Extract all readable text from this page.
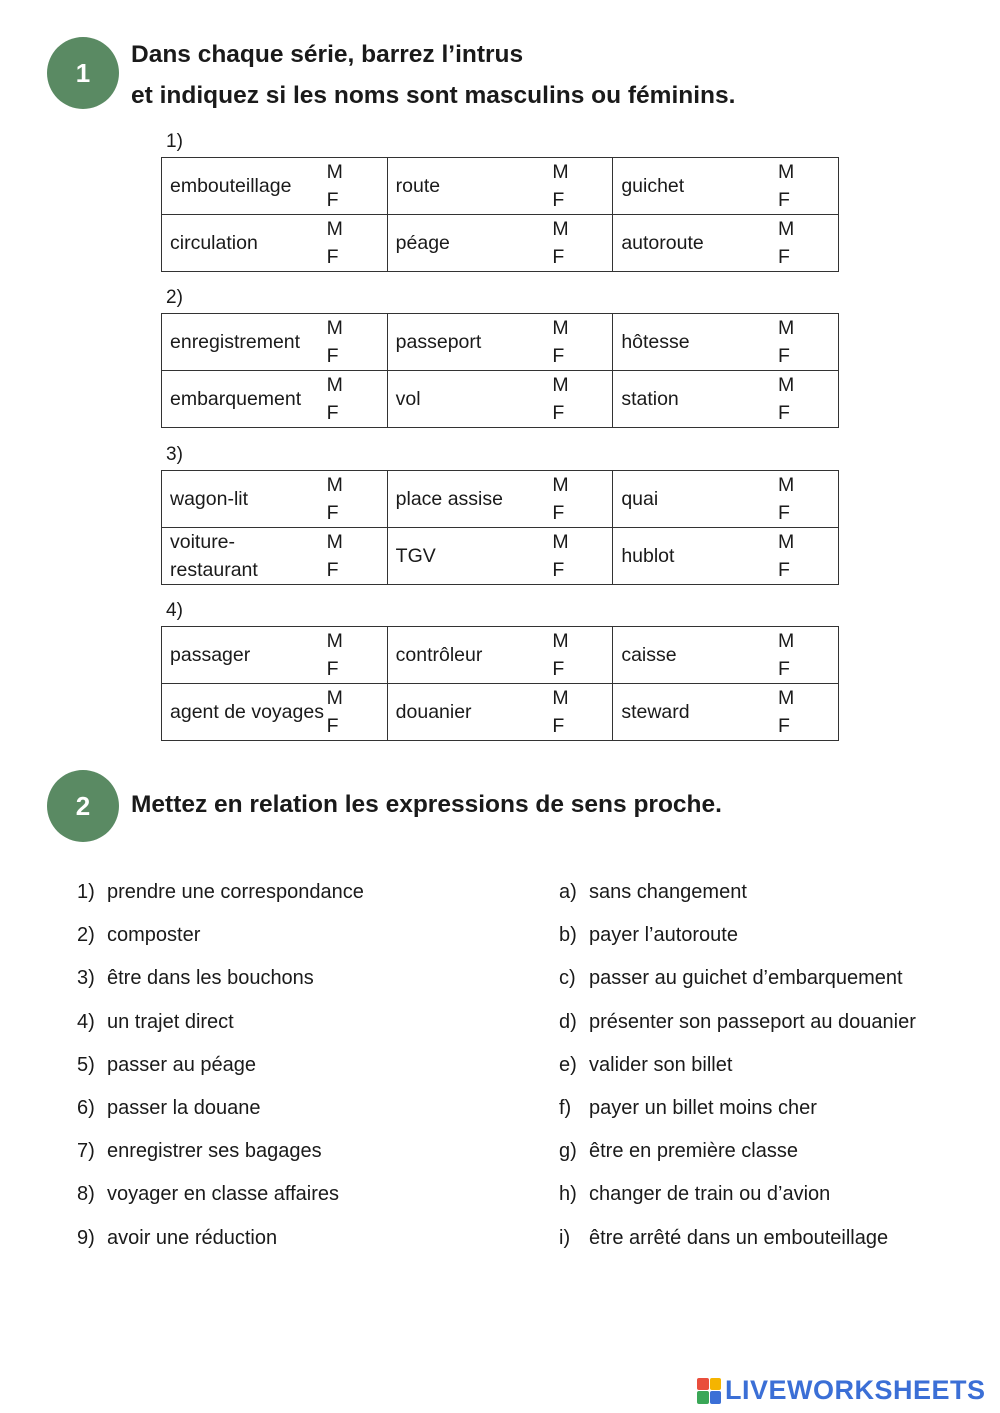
1
Dans chaque série, barrez l’intrus
et indiquez si les noms sont masculins ou féminins.
1)
embouteillage
M
F	route
M
F	guichet
M
F

circulation
M
F	péage
M
F	autoroute
M
F
2)
enregistrement
M
F	passeport
M
F	hôtesse
M
F

embarquement
M
F	vol
M
F	station
M
F
3)
wagon-lit
M
F	place assise
M
F	quai
M
F

voiture-
restaurant
M
F	TGV
M
F	hublot
M
F
4)
passager
M
F	contrôleur
M
F	caisse
M
F

agent de voyages
M
F	douanier
M
F	steward
M
F
2 Mettez en relation les expressions de sens proche.
1) prendre une correspondance
2) composter
3) être dans les bouchons
4) un trajet direct
5) passer au péage
6) passer la douane
7) enregistrer ses bagages
8) voyager en classe affaires
9) avoir une réduction
a) sans changement
b) payer l’autoroute
c) passer au guichet d’embarquement
d) présenter son passeport au douanier
e) valider son billet
f) payer un billet moins cher
g) être en première classe
h) changer de train ou d’avion
i) être arrêté dans un embouteillage
LIVEWORKSHEETS
